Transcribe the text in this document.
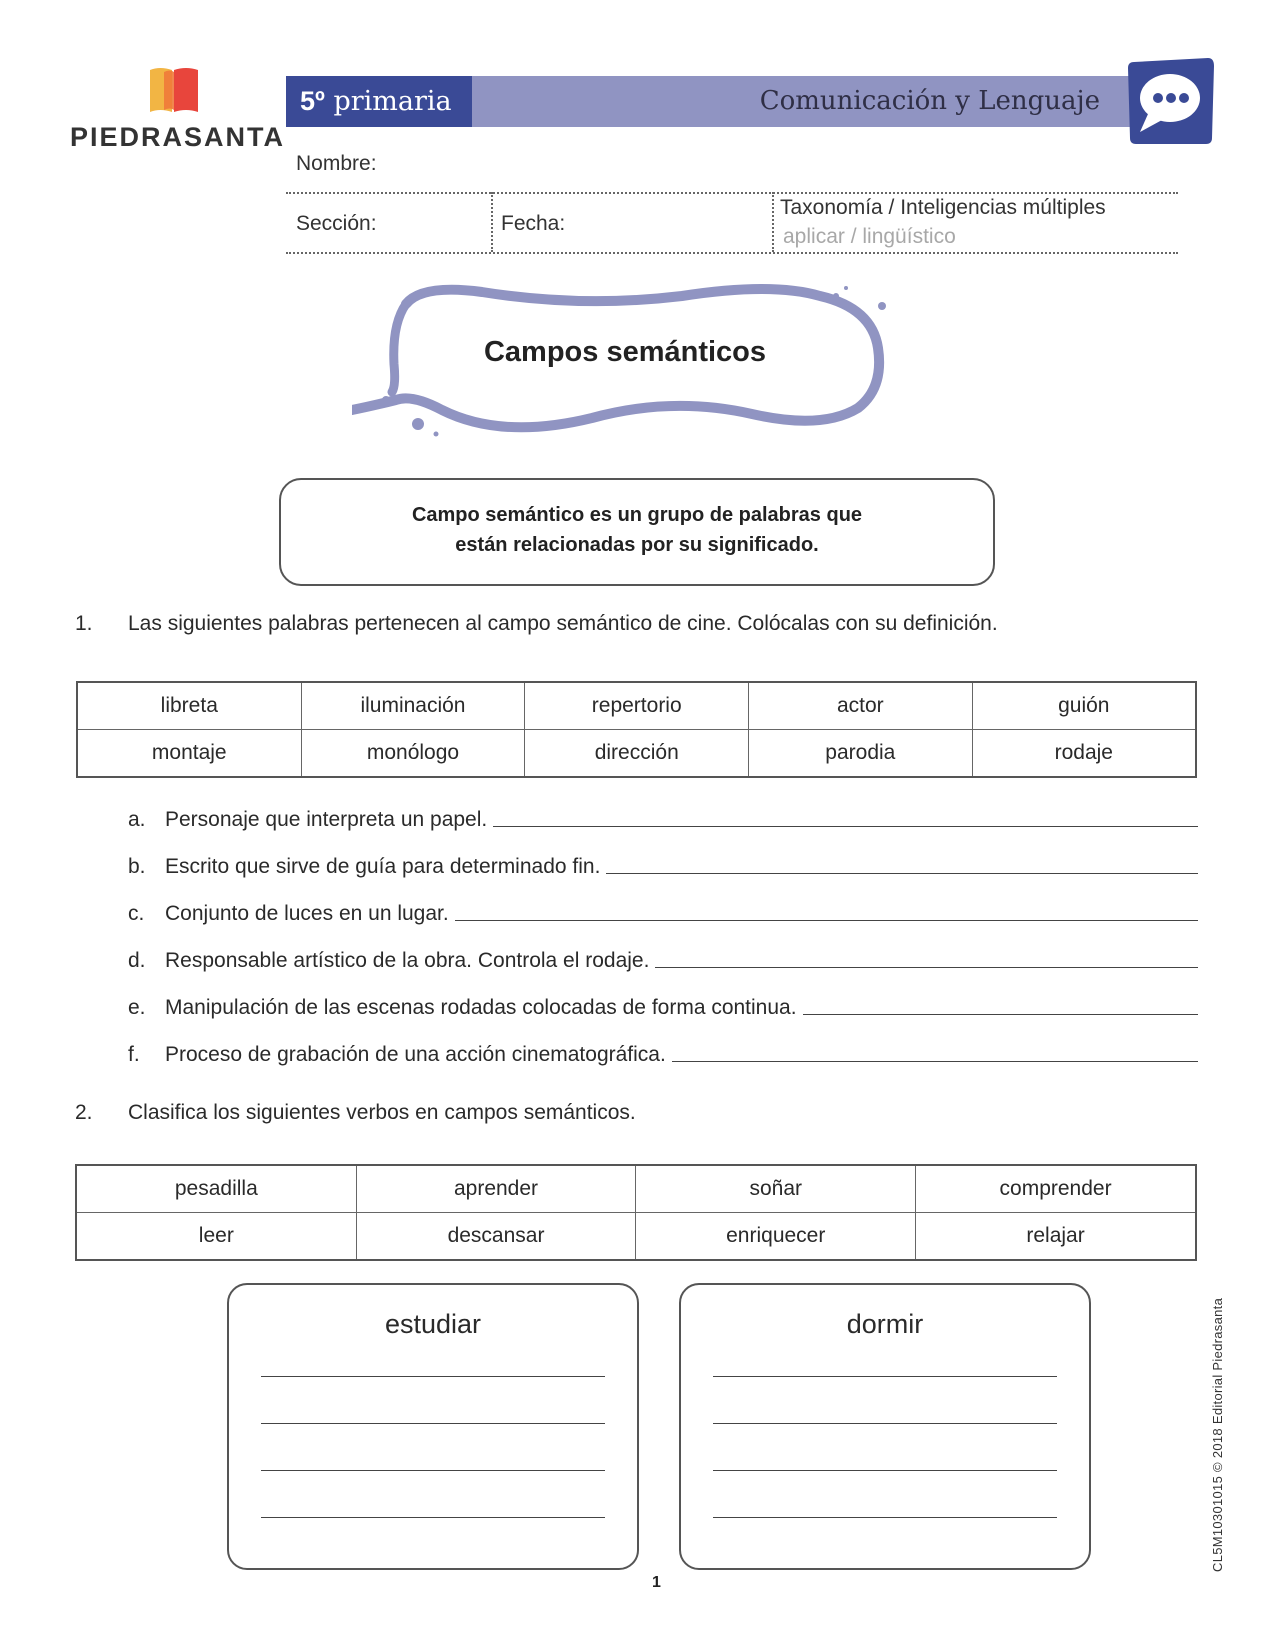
PIEDRASANTA
5º primaria	Comunicación y Lenguaje
Nombre:
Sección:	Fecha:
Taxonomía / Inteligencias múltiples
aplicar / lingüístico
Campos semánticos
Campo semántico es un grupo de palabras que
están relacionadas por su significado.
1. Las siguientes palabras pertenecen al campo semántico de cine. Colócalas con su definición.
libreta	iluminación	repertorio	actor	guión
montaje	monólogo	dirección	parodia	rodaje
a. Personaje que interpreta un papel.
b. Escrito que sirve de guía para determinado fin.
c. Conjunto de luces en un lugar.
d. Responsable artístico de la obra. Controla el rodaje.
e. Manipulación de las escenas rodadas colocadas de forma continua.
f.	Proceso de grabación de una acción cinematográfica.
2. Clasifica los siguientes verbos en campos semánticos.
pesadilla	aprender	soñar	comprender
leer	descansar	enriquecer	relajar
estudiar	dormir
1
CL5M10301015 © 2018 Editorial Piedrasanta
